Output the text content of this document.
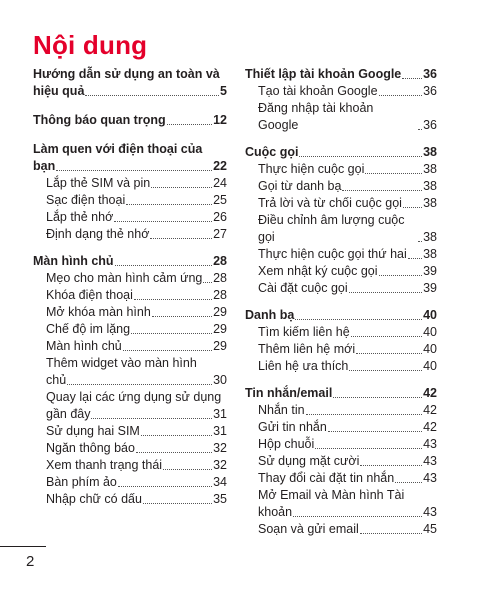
Nội dung
Hướng dẫn sử dụng an toàn và
hiệu quả	5
Thông báo quan trọng	12
Làm quen với điện thoại của
bạn	22
Lắp thẻ SIM và pin	24
Sạc điện thoại	25
Lắp thẻ nhớ	26
Định dạng thẻ nhớ	27
Màn hình chủ	28
Mẹo cho màn hình cảm ứng 28
Khóa điện thoại	28
Mở khóa màn hình	29
Chế độ im lặng	29
Màn hình chủ	29
Thêm widget vào màn hình
chủ	30
Quay lại các ứng dụng sử dụng
gần đây	31
Sử dụng hai SIM	31
Ngăn thông báo	32
Xem thanh trạng thái	32
Bàn phím ảo	34
Nhập chữ có dấu	35
Thiết lập tài khoản Google 36
Tạo tài khoản Google	36
Đăng nhập tài khoản Google	36
Cuộc gọi	38
Thực hiện cuộc gọi	38
Gọi từ danh bạ	38
Trả lời và từ chối cuộc gọi 38
Điều chỉnh âm lượng cuộc gọi	38
Thực hiện cuộc gọi thứ hai 38
Xem nhật ký cuộc gọi	39
Cài đặt cuộc gọi	39
Danh bạ	40
Tìm kiếm liên hệ	40
Thêm liên hệ mới	40
Liên hệ ưa thích	40
Tin nhắn/email	42
Nhắn tin	42
Gửi tin nhắn	42
Hộp chuỗi	43
Sử dụng mặt cười	43
Thay đổi cài đặt tin nhắn 43
Mở Email và Màn hình Tài
khoản	43
Soạn và gửi email	45
2
